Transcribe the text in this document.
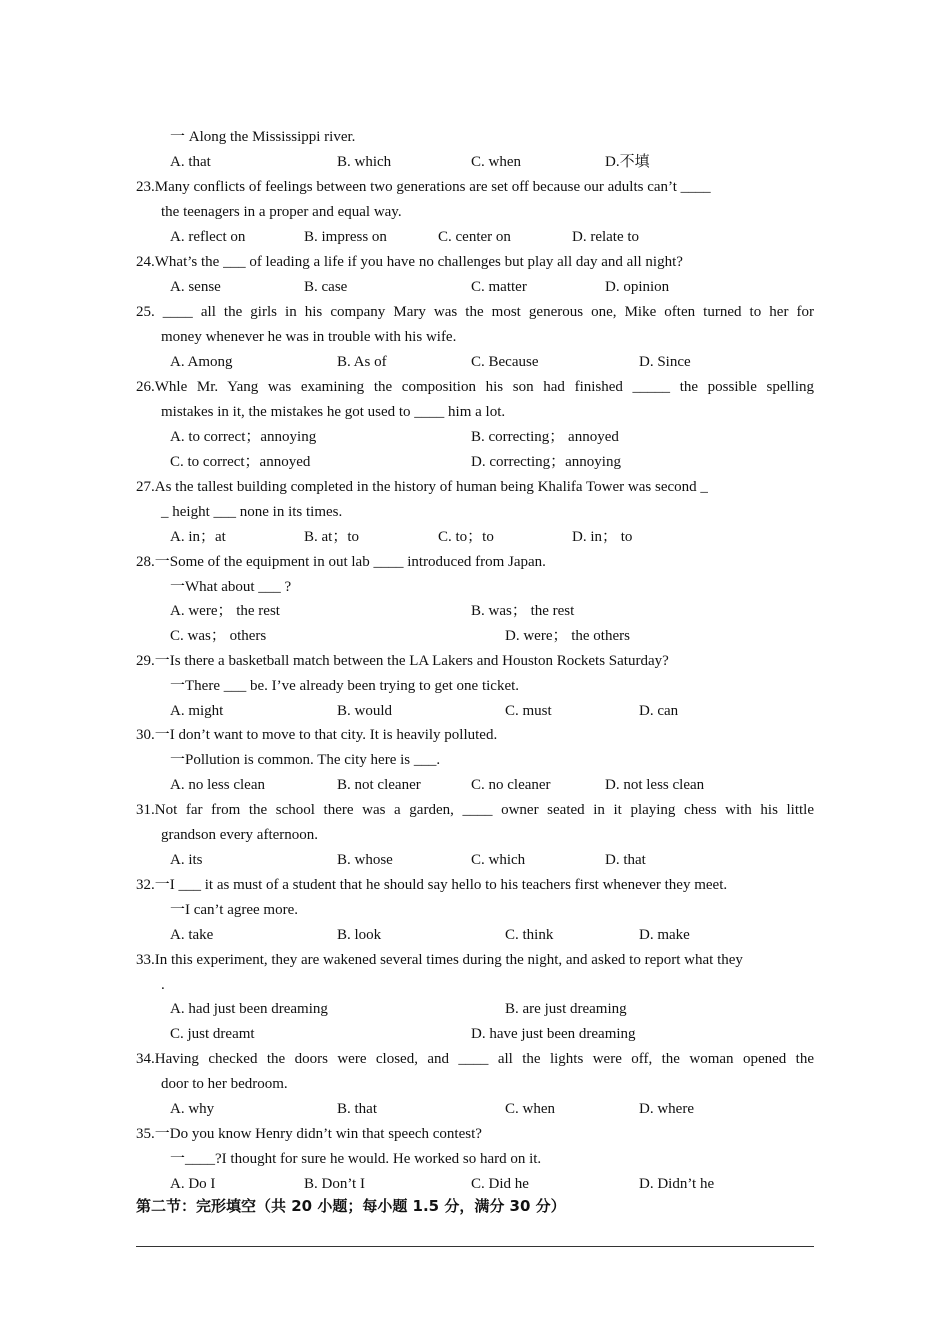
一 Along the Mississippi river.
A. that	B. which	C. when	D.不填
23.Many conflicts of feelings between two generations are set off because our adults can’t ____
the teenagers in a proper and equal way.
A. reflect on	B. impress on	C. center on	D. relate to
24.What’s the ___ of leading a life if you have no challenges but play all day and all night?
A. sense	B. case	C. matter	D. opinion
25. ____ all the girls in his company Mary was the most generous one, Mike often turned to her for
money whenever he was in trouble with his wife.
A. Among	B. As of	C. Because	D. Since
26.Whle Mr. Yang was examining the composition his son had finished _____ the possible spelling
mistakes in it, the mistakes he got used to ____ him a lot.
A. to correct；annoying	B. correcting； annoyed
C. to correct；annoyed	D. correcting；annoying
27.As the tallest building completed in the history of human being Khalifa Tower was second _
_ height ___ none in its times.
A. in；at	B. at；to	C. to；to	D. in； to
28.一Some of the equipment in out lab ____ introduced from Japan.
一What about ___ ?
A. were； the rest	B. was； the rest
C. was； others	D. were； the others
29.一Is there a basketball match between the LA Lakers and Houston Rockets Saturday?
一There ___ be. I’ve already been trying to get one ticket.
A. might	B. would	C. must	D. can
30.一I don’t want to move to that city. It is heavily polluted.
一Pollution is common. The city here is ___.
A. no less clean	B. not cleaner	C. no cleaner	D. not less clean
31.Not far from the school there was a garden, ____ owner seated in it playing chess with his little
grandson every afternoon.
A. its	B. whose	C. which	D. that
32.一I ___ it as must of a student that he should say hello to his teachers first whenever they meet.
一I can’t agree more.
A. take	B. look	C. think	D. make
33.In this experiment, they are wakened several times during the night, and asked to report what they
.
A. had just been dreaming	B. are just dreaming
C. just dreamt	D. have just been dreaming
34.Having checked the doors were closed, and ____ all the lights were off, the woman opened the
door to her bedroom.
A. why	B. that	C. when	D. where
35.一Do you know Henry didn’t win that speech contest?
一____?I thought for sure he would. He worked so hard on it.
A. Do I	B. Don’t I	C. Did he	D. Didn’t he
第二节：完形填空（共 20 小题；每小题 1.5 分，满分 30 分）
